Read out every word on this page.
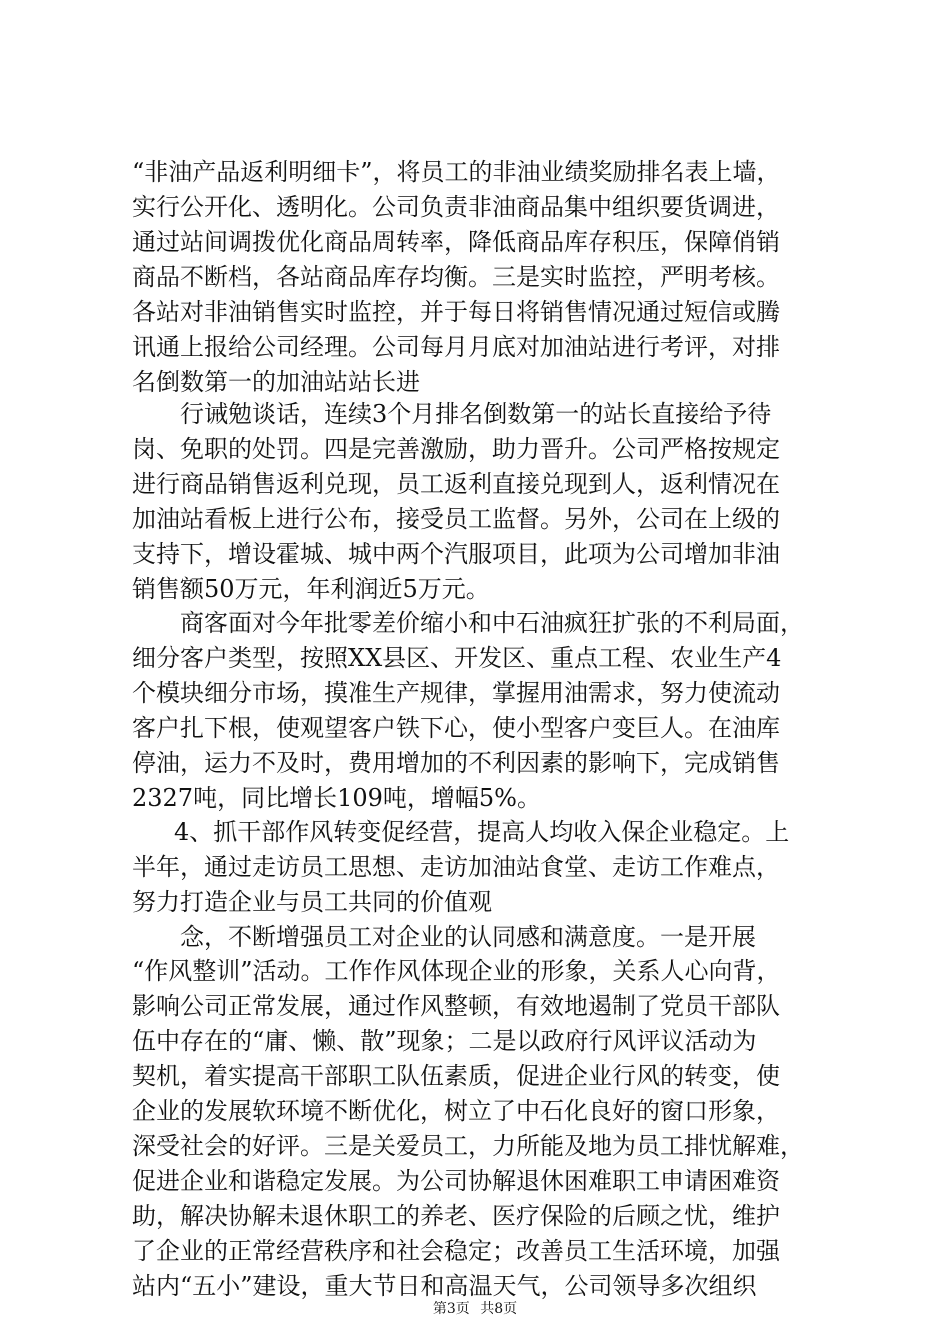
“非油产品返利明细卡”，将员工的非油业绩奖励排名表上墙，
实行公开化、透明化。公司负责非油商品集中组织要货调进，
通过站间调拨优化商品周转率，降低商品库存积压，保障俏销
商品不断档，各站商品库存均衡。三是实时监控，严明考核。
各站对非油销售实时监控，并于每日将销售情况通过短信或腾
讯通上报给公司经理。公司每月月底对加油站进行考评，对排
名倒数第一的加油站站长进
行诫勉谈话，连续3个月排名倒数第一的站长直接给予待
岗、免职的处罚。四是完善激励，助力晋升。公司严格按规定
进行商品销售返利兑现，员工返利直接兑现到人，返利情况在
加油站看板上进行公布，接受员工监督。另外，公司在上级的
支持下，增设霍城、城中两个汽服项目，此项为公司增加非油
销售额50万元，年利润近5万元。
商客面对今年批零差价缩小和中石油疯狂扩张的不利局面，
细分客户类型，按照XX县区、开发区、重点工程、农业生产4
个模块细分市场，摸准生产规律，掌握用油需求，努力使流动
客户扎下根，使观望客户铁下心，使小型客户变巨人。在油库
停油，运力不及时，费用增加的不利因素的影响下，完成销售
2327吨，同比增长109吨，增幅5%。
4、抓干部作风转变促经营，提高人均收入保企业稳定。上
半年，通过走访员工思想、走访加油站食堂、走访工作难点，
努力打造企业与员工共同的价值观
念，不断增强员工对企业的认同感和满意度。一是开展
“作风整训”活动。工作作风体现企业的形象，关系人心向背，
影响公司正常发展，通过作风整顿，有效地遏制了党员干部队
伍中存在的“庸、懒、散”现象；二是以政府行风评议活动为
契机，着实提高干部职工队伍素质，促进企业行风的转变，使
企业的发展软环境不断优化，树立了中石化良好的窗口形象，
深受社会的好评。三是关爱员工，力所能及地为员工排忧解难，
促进企业和谐稳定发展。为公司协解退休困难职工申请困难资
助，解决协解未退休职工的养老、医疗保险的后顾之忧，维护
了企业的正常经营秩序和社会稳定；改善员工生活环境，加强
站内“五小”建设，重大节日和高温天气，公司领导多次组织
第3页 共8页
